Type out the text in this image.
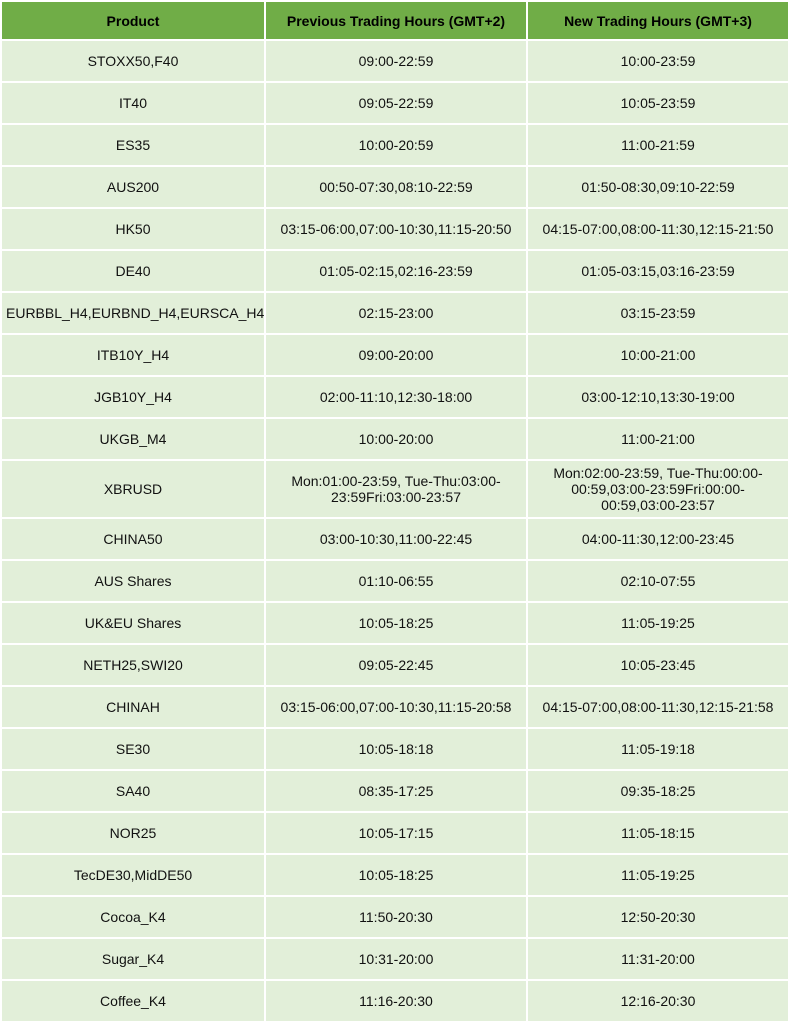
Product	Previous Trading Hours (GMT+2)	New Trading Hours (GMT+3)
STOXX50,F40	09:00-22:59	10:00-23:59
IT40	09:05-22:59	10:05-23:59
ES35	10:00-20:59	11:00-21:59
AUS200	00:50-07:30,08:10-22:59	01:50-08:30,09:10-22:59
HK50	03:15-06:00,07:00-10:30,11:15-20:50	04:15-07:00,08:00-11:30,12:15-21:50
DE40	01:05-02:15,02:16-23:59	01:05-03:15,03:16-23:59
EURBBL_H4,EURBND_H4,EURSCA_H4	02:15-23:00	03:15-23:59
ITB10Y_H4	09:00-20:00	10:00-21:00
JGB10Y_H4	02:00-11:10,12:30-18:00	03:00-12:10,13:30-19:00
UKGB_M4	10:00-20:00	11:00-21:00
XBRUSD	Mon:01:00-23:59, Tue-Thu:03:00-23:59Fri:03:00-23:57	Mon:02:00-23:59, Tue-Thu:00:00-00:59,03:00-23:59Fri:00:00-00:59,03:00-23:57
CHINA50	03:00-10:30,11:00-22:45	04:00-11:30,12:00-23:45
AUS Shares	01:10-06:55	02:10-07:55
UK&EU Shares	10:05-18:25	11:05-19:25
NETH25,SWI20	09:05-22:45	10:05-23:45
CHINAH	03:15-06:00,07:00-10:30,11:15-20:58	04:15-07:00,08:00-11:30,12:15-21:58
SE30	10:05-18:18	11:05-19:18
SA40	08:35-17:25	09:35-18:25
NOR25	10:05-17:15	11:05-18:15
TecDE30,MidDE50	10:05-18:25	11:05-19:25
Cocoa_K4	11:50-20:30	12:50-20:30
Sugar_K4	10:31-20:00	11:31-20:00
Coffee_K4	11:16-20:30	12:16-20:30
